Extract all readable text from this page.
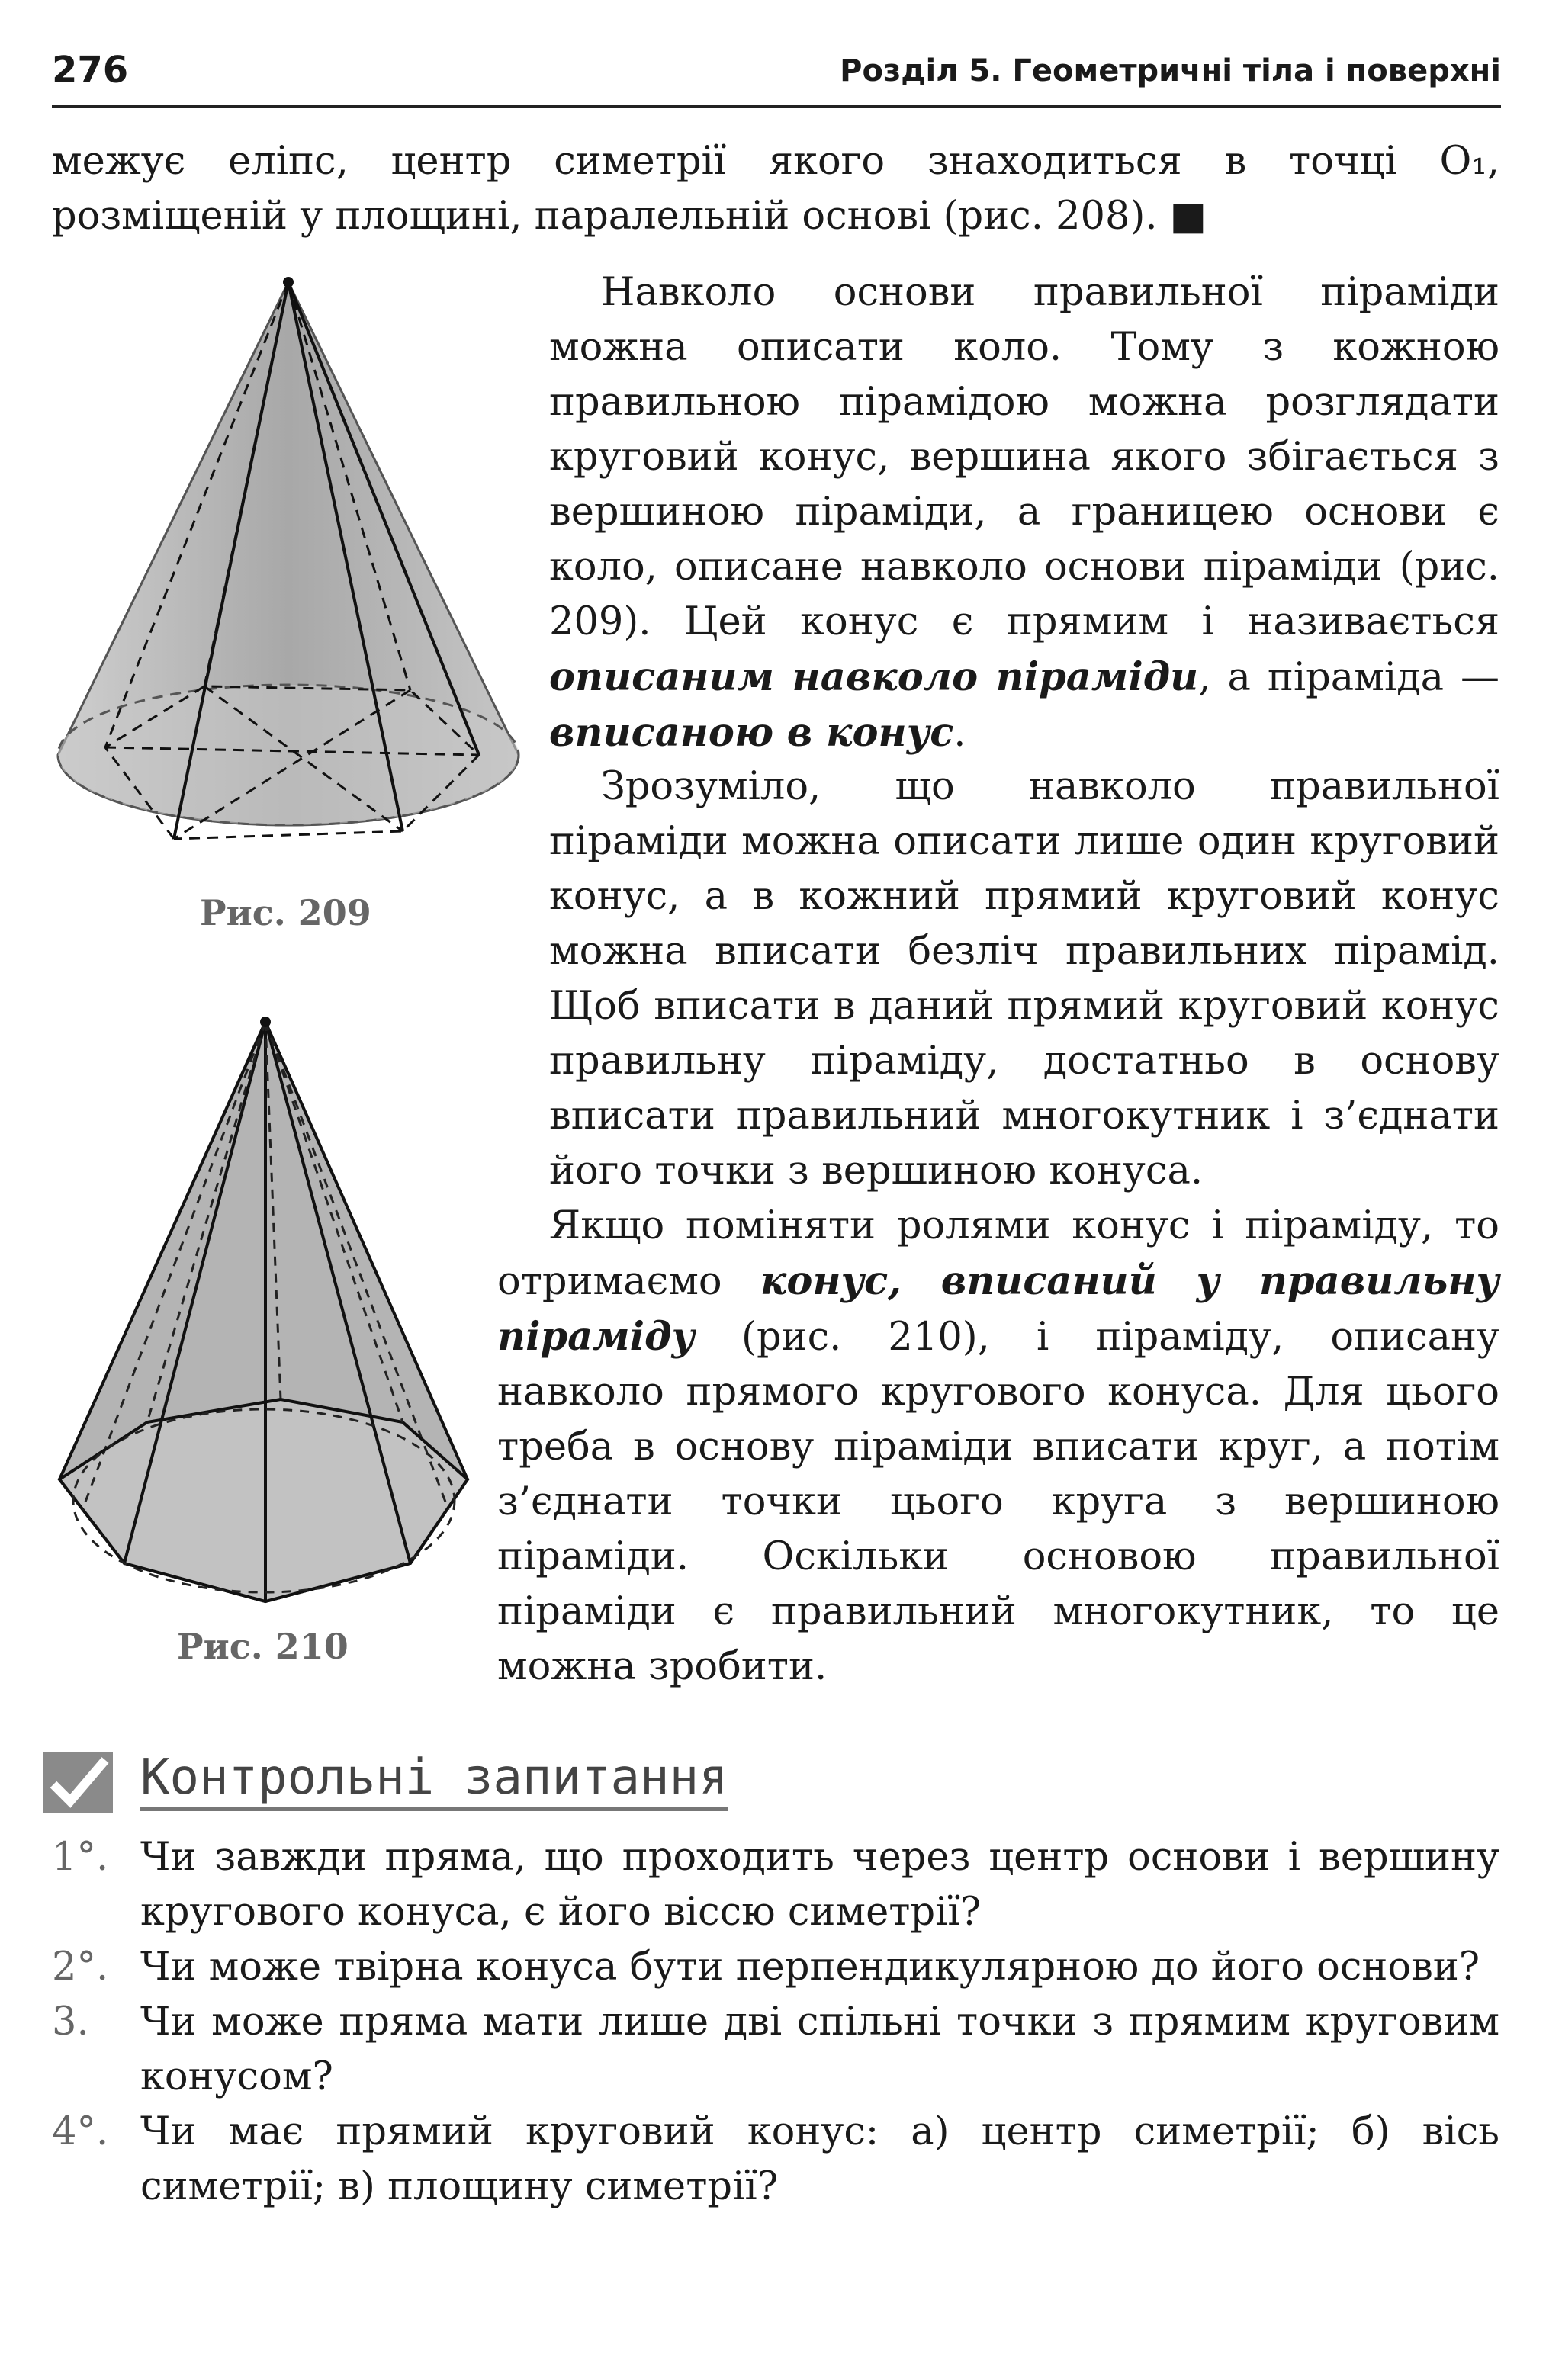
276	Розділ 5. Геометричні тіла і поверхні

межує еліпс, центр симетрії якого знаходиться в точці O₁, розміщеній у площині, паралельній основі (рис. 208). ■

Рис. 209

Навколо основи правильної піраміди можна описати коло. Тому з кожною правильною пірамідою можна розглядати круговий конус, вершина якого збігається з вершиною піраміди, а границею основи є коло, описане навколо основи піраміди (рис. 209). Цей конус є прямим і називається описаним навколо піраміди, а піраміда — вписаною в конус.

Рис. 210

Зрозуміло, що навколо правильної піраміди можна описати лише один круговий конус, а в кожний прямий круговий конус можна вписати безліч правильних пірамід. Щоб вписати в даний прямий круговий конус правильну піраміду, достатньо в основу вписати правильний многокутник і з’єднати його точки з вершиною конуса.

Якщо поміняти ролями конус і піраміду, то отримаємо конус, вписаний у правильну піраміду (рис. 210), і піраміду, описану навколо прямого кругового конуса. Для цього треба в основу піраміди вписати круг, а потім з’єднати точки цього круга з вершиною піраміди. Оскільки основою правильної піраміди є правильний многокутник, то це можна зробити.

Контрольні запитання
1°. Чи завжди пряма, що проходить через центр основи і вершину кругового конуса, є його віссю симетрії?
2°. Чи може твірна конуса бути перпендикулярною до його основи?
3. Чи може пряма мати лише дві спільні точки з прямим круговим конусом?
4°. Чи має прямий круговий конус: а) центр симетрії; б) вісь симетрії; в) площину симетрії?
